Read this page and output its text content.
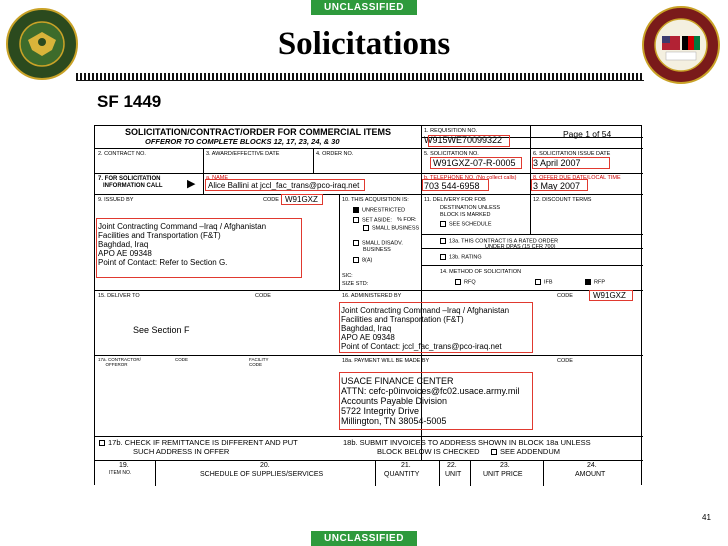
UNCLASSIFIED
UNCLASSIFIED
Solicitations
SF 1449
SOLICITATION/CONTRACT/ORDER FOR COMMERCIAL ITEMS
OFFEROR TO COMPLETE BLOCKS 12, 17, 23, 24, & 30
1. REQUISITION NO.
W915WE70099322
Page 1 of 54
2. CONTRACT NO.	3. AWARD/EFFECTIVE DATE	4. ORDER NO.	5. SOLICITATION NO.
W91GXZ-07-R-0005
6. SOLICITATION ISSUE DATE
3 April 2007
7. FOR SOLICITATION
INFORMATION CALL ▶ a. NAME
Alice Ballini at jccl_fac_trans@pco-iraq.net
b. TELEPHONE NO. (No collect calls)
703 544-6958
8. OFFER DUE DATE/LOCAL TIME
3 May 2007
9. ISSUED BY	CODE W91GXZ
Joint Contracting Command –Iraq / Afghanistan
Facilities and Transportation (F&T)
Baghdad, Iraq
APO AE 09348
Point of Contact: Refer to Section G.
10. THIS ACQUISITION IS:
UNRESTRICTED
SET ASIDE: % FOR:
SMALL BUSINESS
SMALL DISADV.
BUSINESS
8(A)
SIC:
SIZE STD:
11. DELIVERY FOR FOB
DESTINATION UNLESS
BLOCK IS MARKED
SEE SCHEDULE
12. DISCOUNT TERMS
13a. THIS CONTRACT IS A RATED ORDER
UNDER DPAS (15 CFR 700)
13b. RATING
14. METHOD OF SOLICITATION
RFQ	IFB	RFP
15. DELIVER TO	CODE
See Section F
16. ADMINISTERED BY	CODE	W91GXZ
Joint Contracting Command –Iraq / Afghanistan
Facilities and Transportation (F&T)
Baghdad, Iraq
APO AE 09348
Point of Contact: jccl_fac_trans@pco-iraq.net
17a. CONTRACTOR/
OFFEROR
CODE	FACILITY
CODE
18a. PAYMENT WILL BE MADE BY	CODE
USACE FINANCE CENTER
ATTN: cefc-p0invoices@fc02.usace.army.mil
Accounts Payable Division
5722 Integrity Drive
Millington, TN 38054-5005
17b. CHECK IF REMITTANCE IS DIFFERENT AND PUT
SUCH ADDRESS IN OFFER
18b. SUBMIT INVOICES TO ADDRESS SHOWN IN BLOCK 18a UNLESS
BLOCK BELOW IS CHECKED	SEE ADDENDUM
19.
ITEM NO.
20.
SCHEDULE OF SUPPLIES/SERVICES
21.
QUANTITY
22.
UNIT
23.
UNIT PRICE
24.
AMOUNT
41
